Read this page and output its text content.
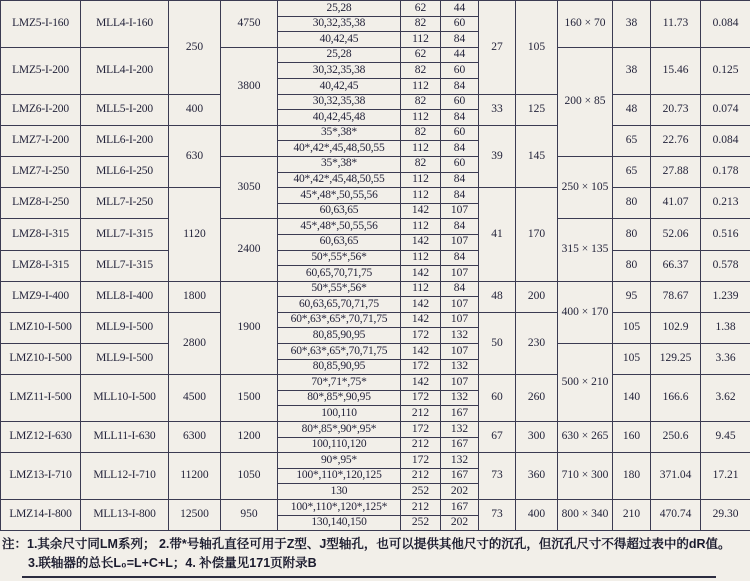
LMZ5-I-160	MLL4-I-160	250	4750	25,28	62	44	27	105	160 × 70	38	11.73	0.084
				30,32,35,38	82	60						
				40,42,45	112	84						
LMZ5-I-200	MLL4-I-200		3800	25,28	62	44			200 × 85	38	15.46	0.125
				30,32,35,38	82	60						
				40,42,45	112	84						
LMZ6-I-200	MLL5-I-200	400		30,32,35,38	82	60	33	125		48	20.73	0.074
				40,42,45,48	112	84						
LMZ7-I-200	MLL6-I-200	630		35*,38*	82	60	39	145		65	22.76	0.084
				40*,42*,45,48,50,55	112	84						
LMZ7-I-250	MLL6-I-250		3050	35*,38*	82	60			250 × 105	65	27.88	0.178
				40*,42*,45,48,50,55	112	84						
LMZ8-I-250	MLL7-I-250	1120		45*,48*,50,55,56	112	84	41	170		80	41.07	0.213
				60,63,65	142	107						
LMZ8-I-315	MLL7-I-315		2400	45*,48*,50,55,56	112	84			315 × 135	80	52.06	0.516
				60,63,65	142	107						
LMZ8-I-315	MLL7-I-315			50*,55*,56*	112	84				80	66.37	0.578
				60,65,70,71,75	142	107						
LMZ9-I-400	MLL8-I-400	1800	1900	50*,55*,56*	112	84	48	200	400 × 170	95	78.67	1.239
				60,63,65,70,71,75	142	107						
LMZ10-I-500	MLL9-I-500	2800		60*,63*,65*,70,71,75	142	107	50	230		105	102.9	1.38
				80,85,90,95	172	132						
LMZ10-I-500	MLL9-I-500			60*,63*,65*,70,71,75	142	107			500 × 210	105	129.25	3.36
				80,85,90,95	172	132						
LMZ11-I-500	MLL10-I-500	4500	1500	70*,71*,75*	142	107	60	260		140	166.6	3.62
				80*,85*,90,95	172	132						
				100,110	212	167						
LMZ12-I-630	MLL11-I-630	6300	1200	80*,85*,90*,95*	172	132	67	300	630 × 265	160	250.6	9.45
				100,110,120	212	167						
LMZ13-I-710	MLL12-I-710	11200	1050	90*,95*	172	132	73	360	710 × 300	180	371.04	17.21
				100*,110*,120,125	212	167						
				130	252	202						
LMZ14-I-800	MLL13-I-800	12500	950	100*,110*,120*,125*	212	167	73	400	800 × 340	210	470.74	29.30
				130,140,150	252	202						
注：1.其余尺寸同LM系列； 2.带*号轴孔直径可用于Z型、J型轴孔，也可以提供其他尺寸的沉孔，但沉孔尺寸不得超过表中的dR值。
3.联轴器的总长L₀=L+C+L；4. 补偿量见171页附录B
